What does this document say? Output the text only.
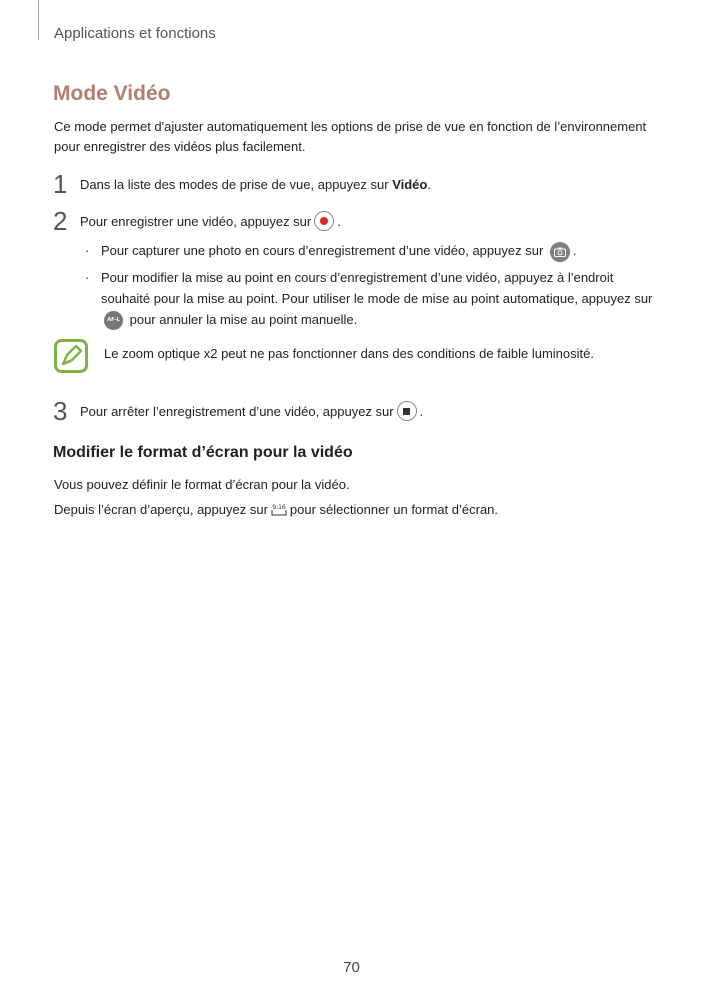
Applications et fonctions
Mode Vidéo
Ce mode permet d'ajuster automatiquement les options de prise de vue en fonction de l’environnement pour enregistrer des vidéos plus facilement.
1 Dans la liste des modes de prise de vue, appuyez sur
Vidéo .
2 Pour enregistrer une vidéo, appuyez sur .
· Pour capturer une photo en cours d’enregistrement d’une vidéo, appuyez sur
.
· Pour modifier la mise au point en cours d’enregistrement d’une vidéo, appuyez à l’endroit souhaité pour la mise au point. Pour utiliser le mode de mise au point automatique, appuyez sur AF-L pour annuler la mise au point manuelle.
Le zoom optique x2 peut ne pas fonctionner dans des conditions de faible luminosité.
3 Pour arrêter l’enregistrement d’une vidéo, appuyez sur .
Modifier le format d’écran pour la vidéo
Vous pouvez définir le format d’écran pour la vidéo.
Depuis l’écran d’aperçu, appuyez sur 9:16 pour sélectionner un format d’écran.
70
